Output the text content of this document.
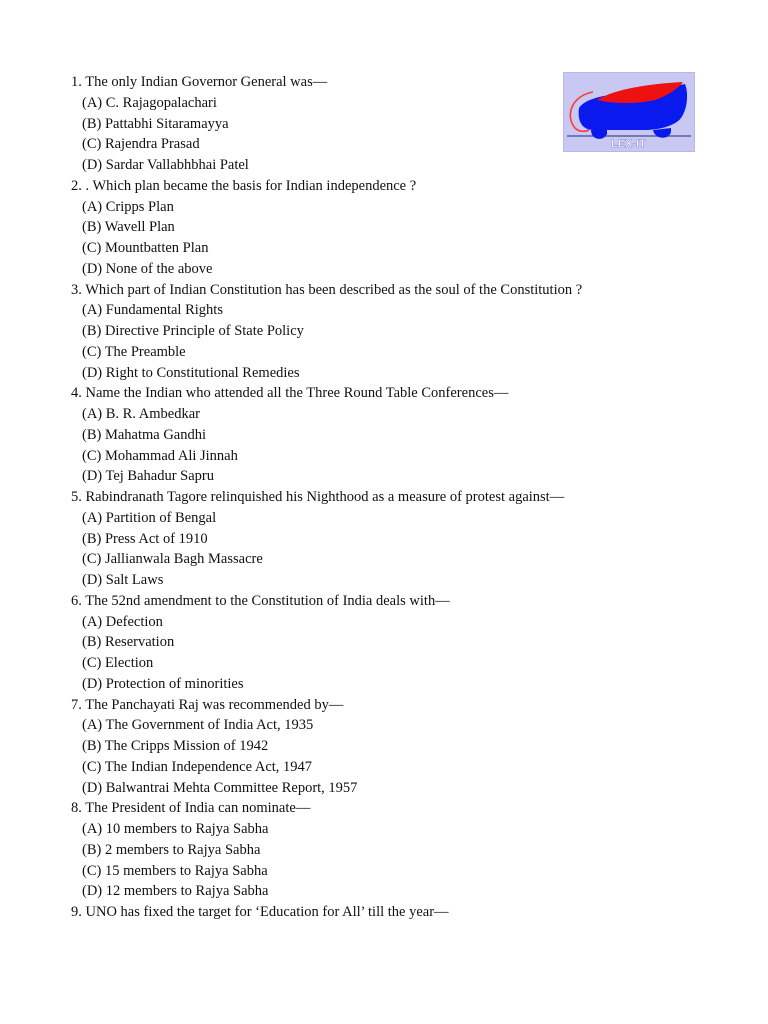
LEX-IT
1. The only Indian Governor General was—
(A) C. Rajagopalachari
(B) Pattabhi Sitaramayya
(C) Rajendra Prasad
(D) Sardar Vallabhbhai Patel
2. . Which plan became the basis for Indian independence ?
(A) Cripps Plan
(B) Wavell Plan
(C) Mountbatten Plan
(D) None of the above
3. Which part of Indian Constitution has been described as the soul of the Constitution ?
(A) Fundamental Rights
(B) Directive Principle of State Policy
(C) The Preamble
(D) Right to Constitutional Remedies
4. Name the Indian who attended all the Three Round Table Conferences—
(A) B. R. Ambedkar
(B) Mahatma Gandhi
(C) Mohammad Ali Jinnah
(D) Tej Bahadur Sapru
5. Rabindranath Tagore relinquished his Nighthood as a measure of protest against—
(A) Partition of Bengal
(B) Press Act of 1910
(C) Jallianwala Bagh Massacre
(D) Salt Laws
6. The 52nd amendment to the Constitution of India deals with—
(A) Defection
(B) Reservation
(C) Election
(D) Protection of minorities
7. The Panchayati Raj was recommended by—
(A) The Government of India Act, 1935
(B) The Cripps Mission of 1942
(C) The Indian Independence Act, 1947
(D) Balwantrai Mehta Committee Report, 1957
8. The President of India can nominate—
(A) 10 members to Rajya Sabha
(B) 2 members to Rajya Sabha
(C) 15 members to Rajya Sabha
(D) 12 members to Rajya Sabha
9. UNO has fixed the target for ‘Education for All’ till the year—
